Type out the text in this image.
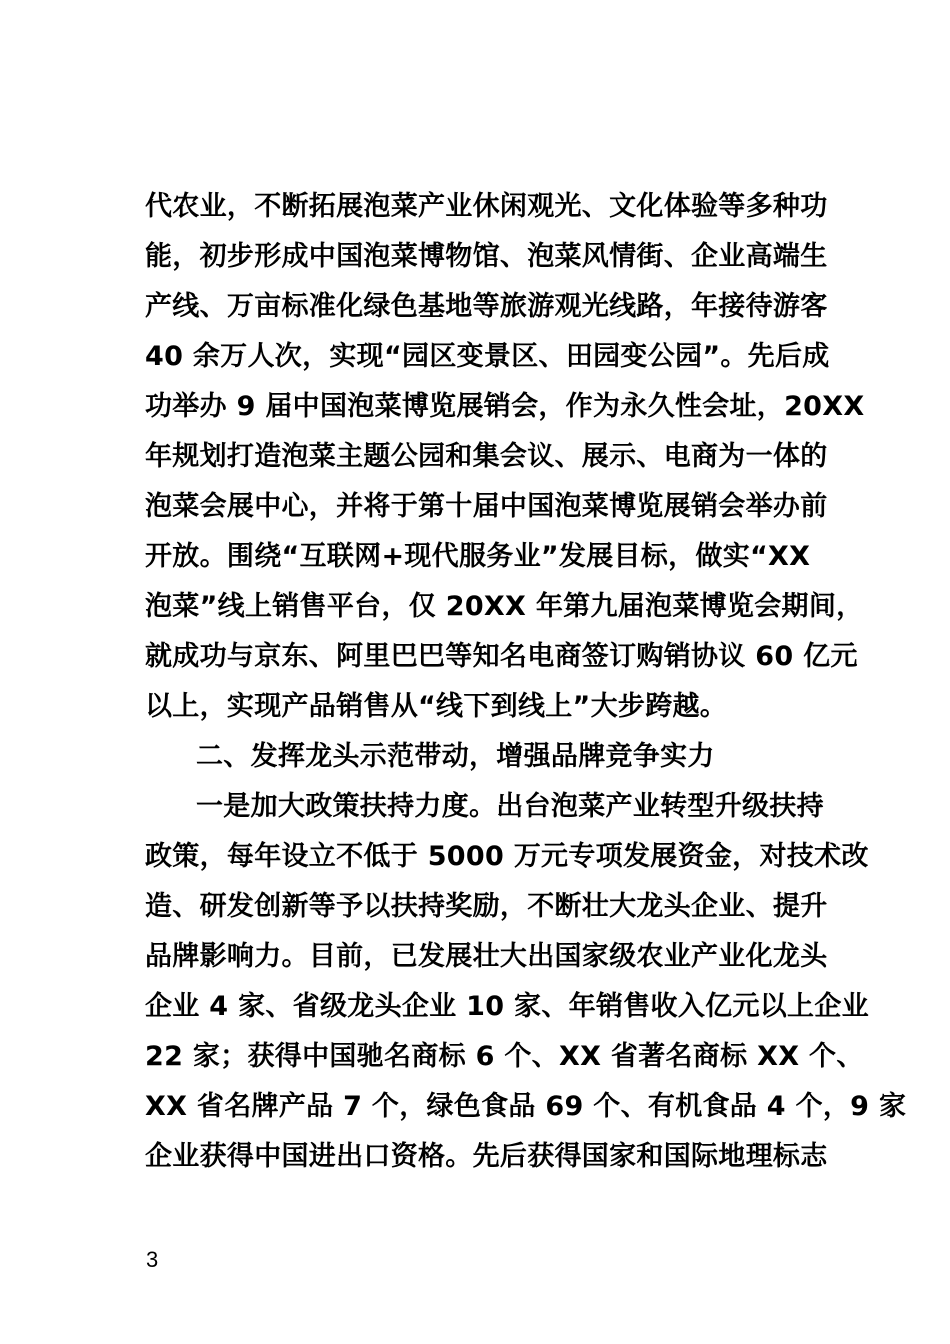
代农业，不断拓展泡菜产业休闲观光、文化体验等多种功
能，初步形成中国泡菜博物馆、泡菜风情街、企业高端生
产线、万亩标准化绿色基地等旅游观光线路，年接待游客
40 余万人次，实现“园区变景区、田园变公园”。先后成
功举办 9 届中国泡菜博览展销会，作为永久性会址，20XX
年规划打造泡菜主题公园和集会议、展示、电商为一体的
泡菜会展中心，并将于第十届中国泡菜博览展销会举办前
开放。围绕“互联网+现代服务业”发展目标，做实“XX
泡菜”线上销售平台，仅 20XX 年第九届泡菜博览会期间，
就成功与京东、阿里巴巴等知名电商签订购销协议 60 亿元
以上，实现产品销售从“线下到线上”大步跨越。
二、发挥龙头示范带动，增强品牌竞争实力
一是加大政策扶持力度。出台泡菜产业转型升级扶持
政策，每年设立不低于 5000 万元专项发展资金，对技术改
造、研发创新等予以扶持奖励，不断壮大龙头企业、提升
品牌影响力。目前，已发展壮大出国家级农业产业化龙头
企业 4 家、省级龙头企业 10 家、年销售收入亿元以上企业
22 家；获得中国驰名商标 6 个、XX 省著名商标 XX 个、
XX 省名牌产品 7 个，绿色食品 69 个、有机食品 4 个，9 家
企业获得中国进出口资格。先后获得国家和国际地理标志
3
